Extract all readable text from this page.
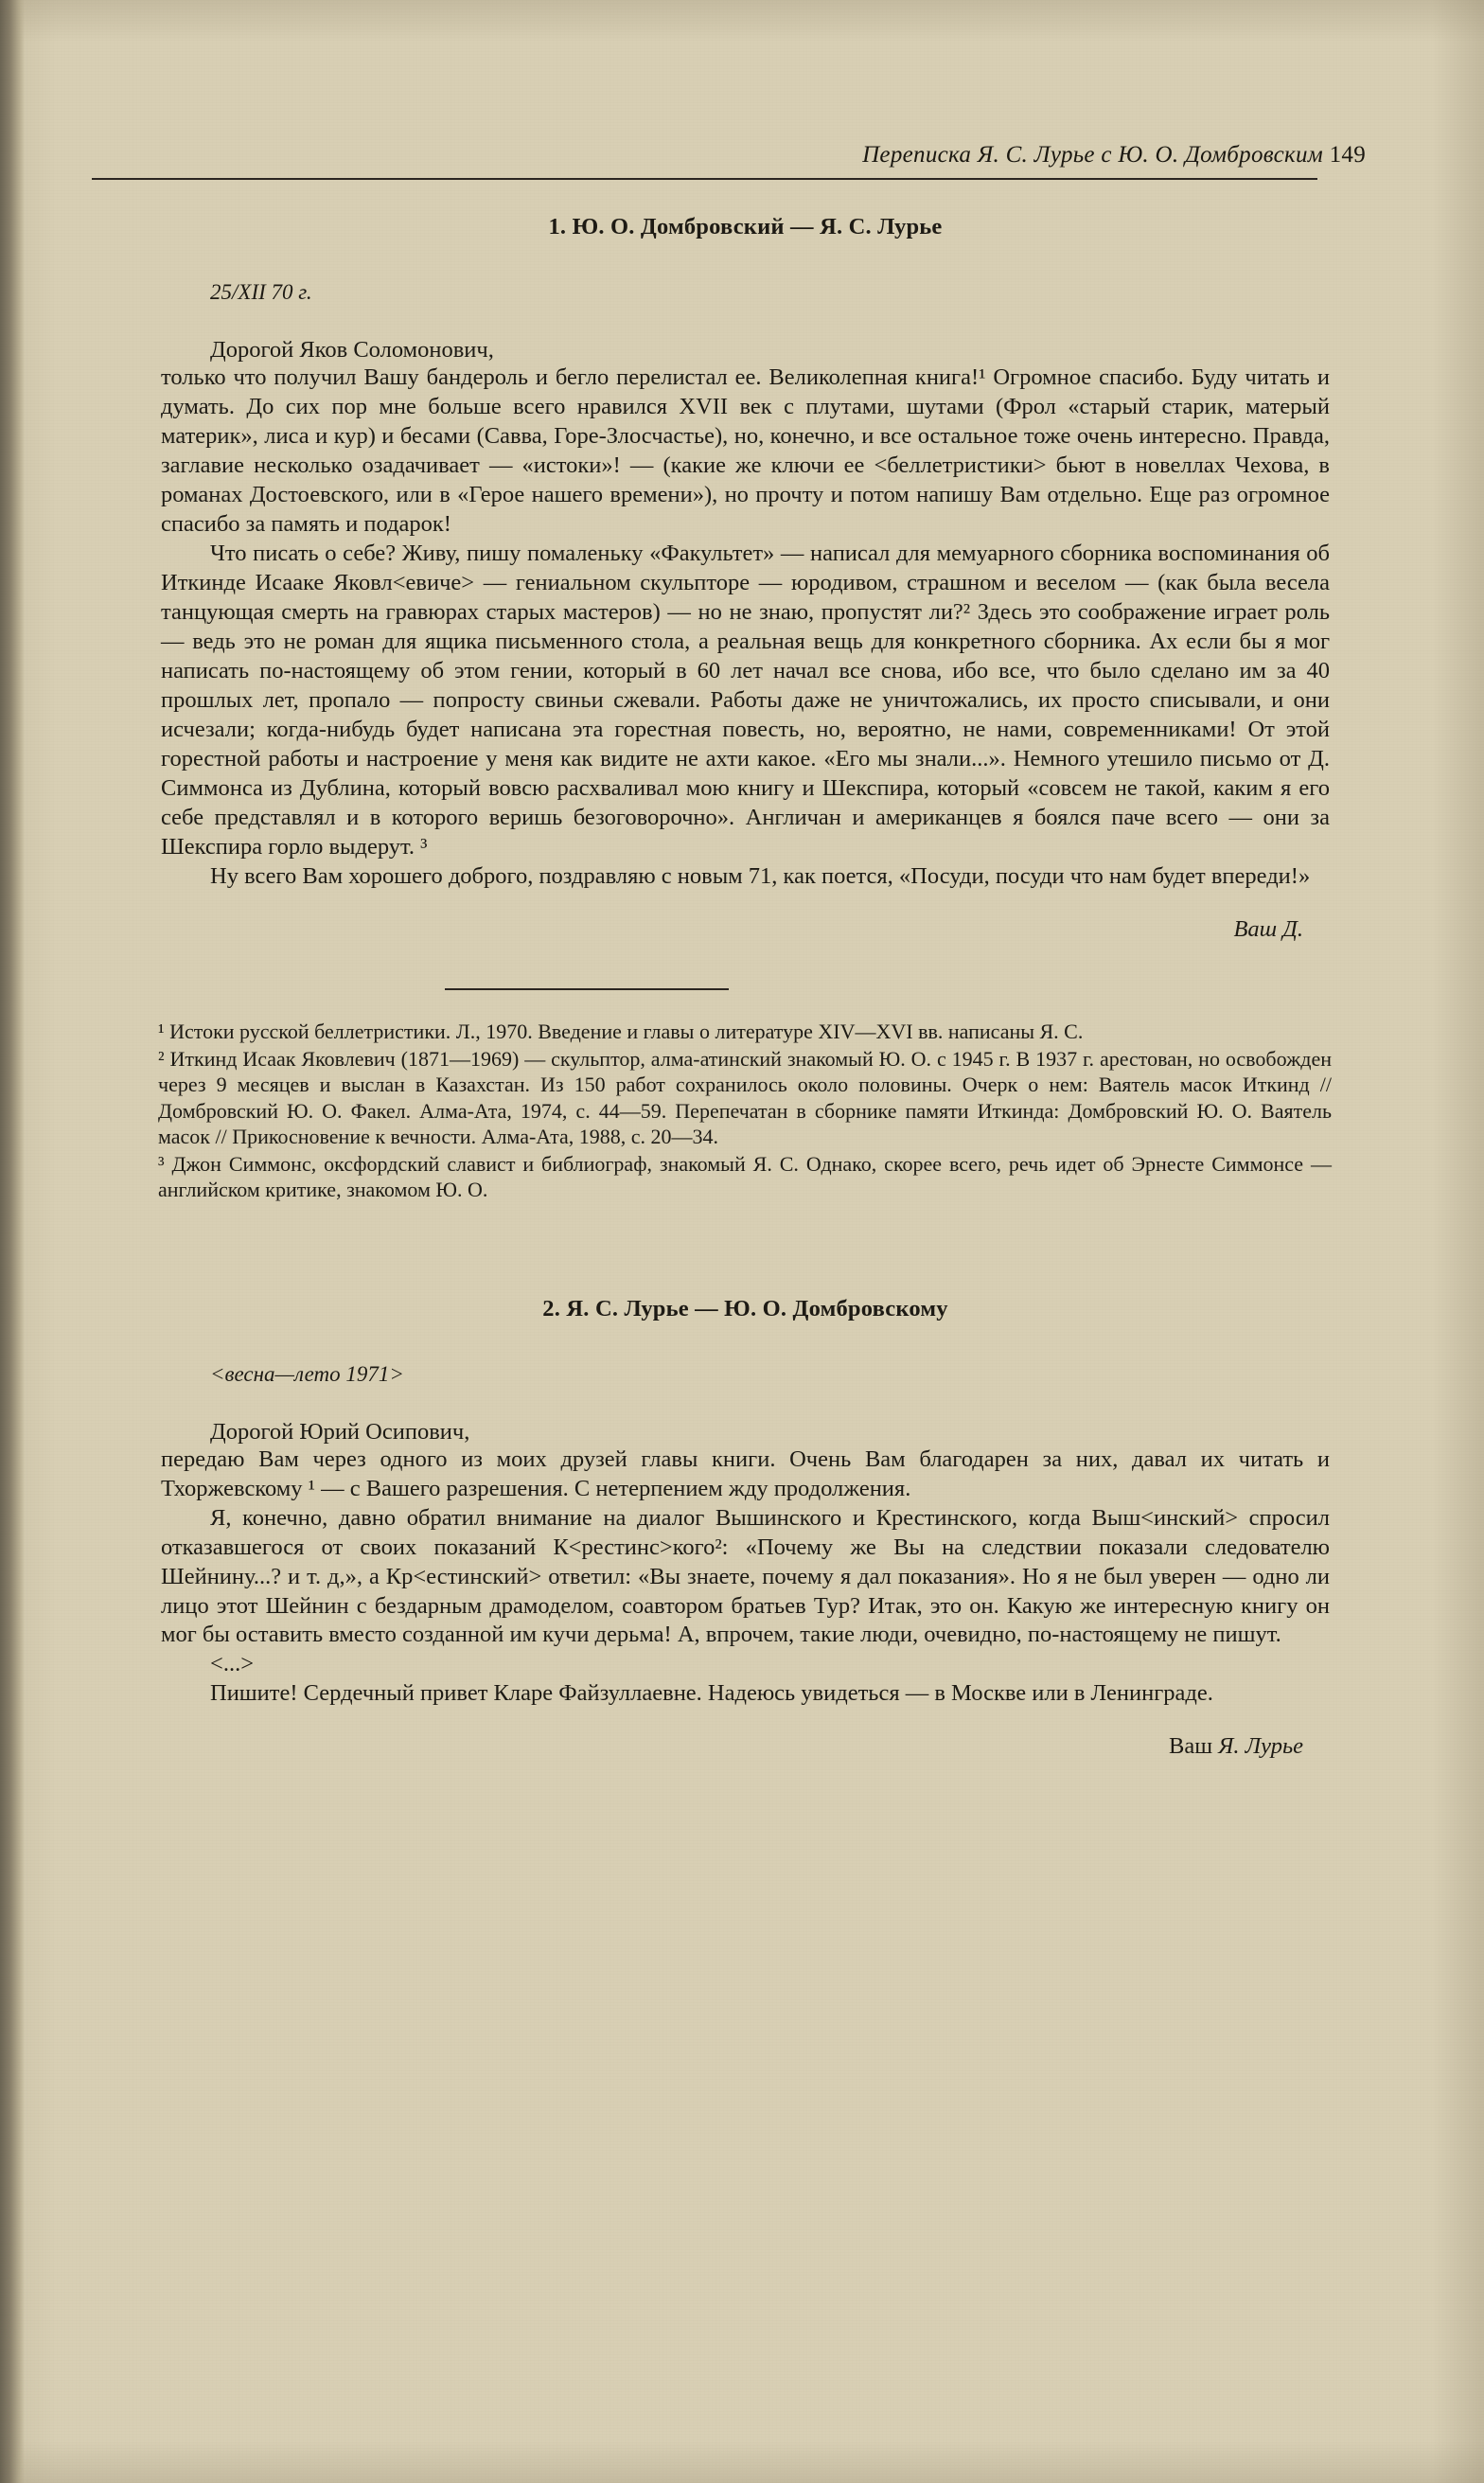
Переписка Я. С. Лурье с Ю. О. Домбровским 149
1. Ю. О. Домбровский — Я. С. Лурье
25/XII 70 г.
Дорогой Яков Соломонович,

только что получил Вашу бандероль и бегло перелистал ее. Великолепная книга!¹ Огромное спасибо. Буду читать и думать. До сих пор мне больше всего нравился XVII век с плутами, шутами (Фрол «старый старик, матерый материк», лиса и кур) и бесами (Савва, Горе-Злосчастье), но, конечно, и все остальное тоже очень интересно. Правда, заглавие несколько озадачивает — «истоки»! — (какие же ключи ее <беллетристики> бьют в новеллах Чехова, в романах Достоевского, или в «Герое нашего времени»), но прочту и потом напишу Вам отдельно. Еще раз огромное спасибо за память и подарок!

Что писать о себе? Живу, пишу помаленьку «Факультет» — написал для мемуарного сборника воспоминания об Иткинде Исааке Яковл<евиче> — гениальном скульпторе — юродивом, страшном и веселом — (как была весела танцующая смерть на гравюрах старых мастеров) — но не знаю, пропустят ли?² Здесь это соображение играет роль — ведь это не роман для ящика письменного стола, а реальная вещь для конкретного сборника. Ах если бы я мог написать по-настоящему об этом гении, который в 60 лет начал все снова, ибо все, что было сделано им за 40 прошлых лет, пропало — попросту свиньи сжевали. Работы даже не уничтожались, их просто списывали, и они исчезали; когда-нибудь будет написана эта горестная повесть, но, вероятно, не нами, современниками! От этой горестной работы и настроение у меня как видите не ахти какое. «Его мы знали...». Немного утешило письмо от Д. Симмонса из Дублина, который вовсю расхваливал мою книгу и Шекспира, который «совсем не такой, каким я его себе представлял и в которого веришь безоговорочно». Англичан и американцев я боялся паче всего — они за Шекспира горло выдерут. ³

Ну всего Вам хорошего доброго, поздравляю с новым 71, как поется, «Посуди, посуди что нам будет впереди!»

Ваш Д.

¹ Истоки русской беллетристики. Л., 1970. Введение и главы о литературе XIV—XVI вв. написаны Я. С.

² Иткинд Исаак Яковлевич (1871—1969) — скульптор, алма-атинский знакомый Ю. О. с 1945 г. В 1937 г. арестован, но освобожден через 9 месяцев и выслан в Казахстан. Из 150 работ сохранилось около половины. Очерк о нем: Ваятель масок Иткинд // Домбровский Ю. О. Факел. Алма-Ата, 1974, с. 44—59. Перепечатан в сборнике памяти Иткинда: Домбровский Ю. О. Ваятель масок // Прикосновение к вечности. Алма-Ата, 1988, с. 20—34.

³ Джон Симмонс, оксфордский славист и библиограф, знакомый Я. С. Однако, скорее всего, речь идет об Эрнесте Симмонсе — английском критике, знакомом Ю. О.

2. Я. С. Лурье — Ю. О. Домбровскому
<весна—лето 1971>
Дорогой Юрий Осипович,

передаю Вам через одного из моих друзей главы книги. Очень Вам благодарен за них, давал их читать и Тхоржевскому ¹ — с Вашего разрешения. С нетерпением жду продолжения.

Я, конечно, давно обратил внимание на диалог Вышинского и Крестинского, когда Выш<инский> спросил отказавшегося от своих показаний К<рестинс>кого²: «Почему же Вы на следствии показали следователю Шейнину...? и т. д,», а Кр<естинский> ответил: «Вы знаете, почему я дал показания». Но я не был уверен — одно ли лицо этот Шейнин с бездарным драмоделом, соавтором братьев Тур? Итак, это он. Какую же интересную книгу он мог бы оставить вместо созданной им кучи дерьма! А, впрочем, такие люди, очевидно, по-настоящему не пишут.

<...>

Пишите! Сердечный привет Кларе Файзуллаевне. Надеюсь увидеться — в Москве или в Ленинграде.

Ваш Я. Лурье
